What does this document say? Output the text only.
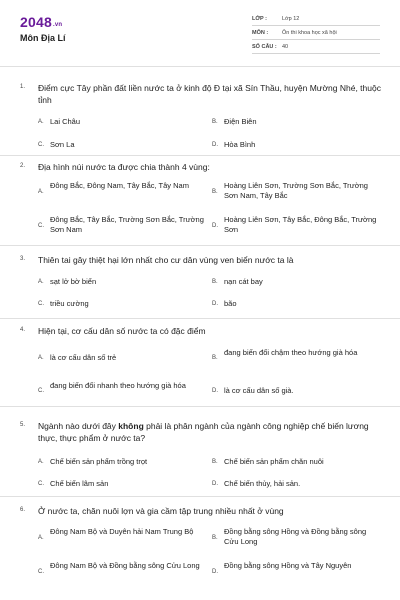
2048.vn
Môn Địa Lí
LỚP :	Lớp 12
MÔN :	Ôn thi khoa học xã hội
SỐ CÂU : 40
1. Điểm cực Tây phần đất liền nước ta ở kinh độ Đ tại xã Sín Thầu, huyện Mường Nhé, thuộc tỉnh
A. Lai Châu	B. Điện Biên
C. Sơn La	D. Hòa Bình
2. Địa hình núi nước ta được chia thành 4 vùng:
A.
Đông Bắc, Đông Nam, Tây Bắc, Tây Nam
B.
Hoàng Liên Sơn, Trường Sơn Bắc, Trường Sơn Nam, Tây Bắc
C.
Đông Bắc, Tây Bắc, Trường Sơn Bắc, Trường Sơn Nam	D.
Hoàng Liên Sơn, Tây Bắc, Đông Bắc, Trường Sơn
3. Thiên tai gây thiệt hại lớn nhất cho cư dân vùng ven biển nước ta là
A. sạt lở bờ biển	B. nạn cát bay
C. triều cường	D. bão
4. Hiện tại, cơ cấu dân số nước ta có đặc điểm
A. là cơ cấu dân số trẻ	B.
đang biến đổi chậm theo hướng già hóa
C.
đang biến đổi nhanh theo hướng già hóa
D. là cơ cấu dân số già.
5. Ngành nào dưới đây không phải là phân ngành của ngành công nghiệp chế biến lương thực, thực phẩm ở nước ta?
A. Chế biến sản phẩm trồng trọt	B. Chế biến sản phẩm chăn nuôi
C. Chế biến lâm sản	D. Chế biến thủy, hải sản.
6. Ở nước ta, chăn nuôi lợn và gia cầm tập trung nhiều nhất ở vùng
A.
Đông Nam Bộ và Duyên hải Nam Trung Bộ
B.
Đồng bằng sông Hồng và Đồng bằng sông Cửu Long
C.
Đông Nam Bộ và Đồng bằng sông Cửu Long
D.
Đồng bằng sông Hồng và Tây Nguyên
